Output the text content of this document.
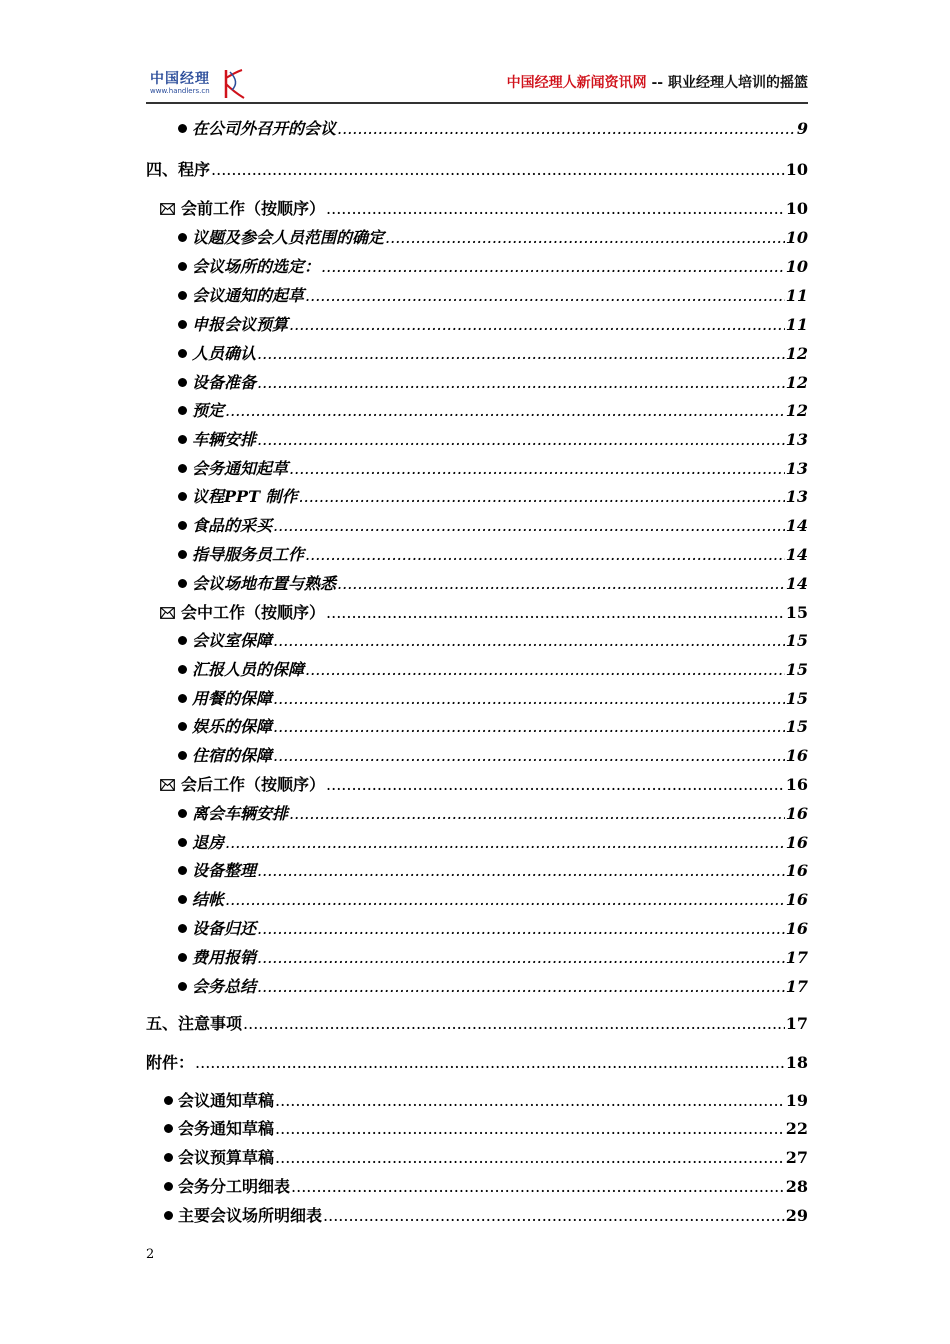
中国经理
www.handlers.cn	中国经理人新闻资讯网 -- 职业经理人培训的摇篮
在公司外召开的会议 .....	9
四、程序 .....	10
会前工作（按顺序） .....	10
议题及参会人员范围的确定 .....	10
会议场所的选定： .....	10
会议通知的起草 .....	11
申报会议预算 .....	11
人员确认 .....	12
设备准备 .....	12
预定 .....	12
车辆安排 .....	13
会务通知起草 .....	13
议程PPT 制作 .....	13
食品的采买 .....	14
指导服务员工作 .....	14
会议场地布置与熟悉 .....	14
会中工作（按顺序） .....	15
会议室保障 .....	15
汇报人员的保障 .....	15
用餐的保障 .....	15
娱乐的保障 .....	15
住宿的保障 .....	16
会后工作（按顺序） .....	16
离会车辆安排 .....	16
退房 .....	16
设备整理 .....	16
结帐 .....	16
设备归还 .....	16
费用报销 .....	17
会务总结 .....	17
五、注意事项 .....	17
附件： .....	18
会议通知草稿 .....	19
会务通知草稿 .....	22
会议预算草稿 .....	27
会务分工明细表 .....	28
主要会议场所明细表 .....	29
2
